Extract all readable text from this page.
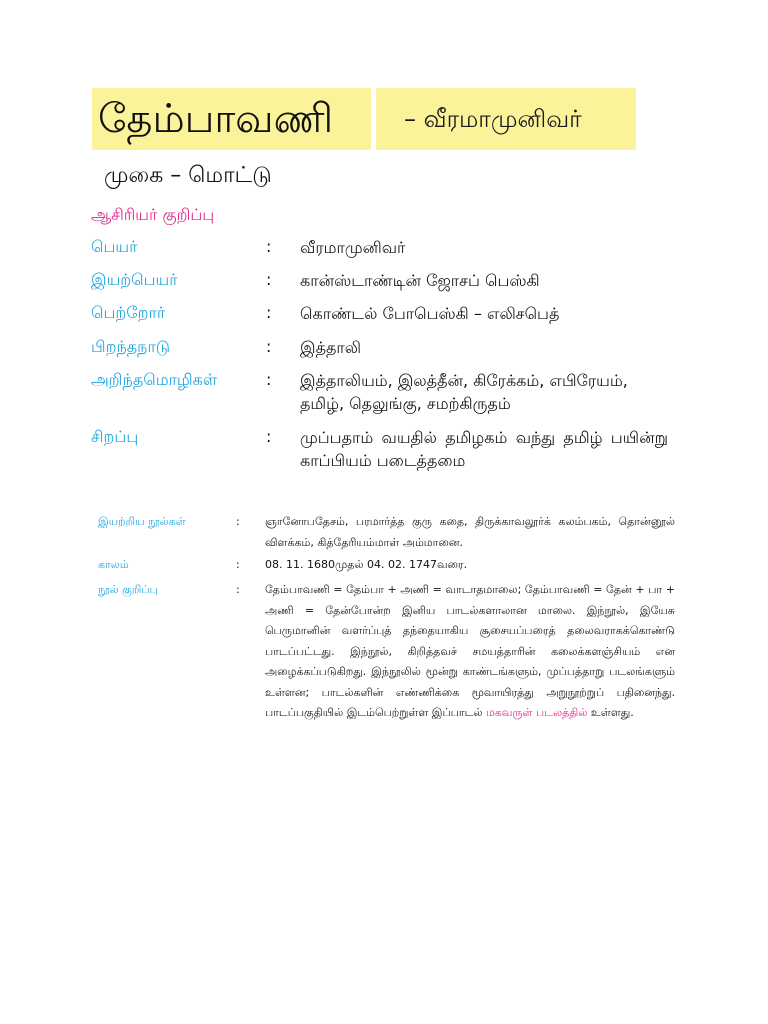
தேம்பாவணி	– வீரமாமுனிவர்
முகை – மொட்டு
ஆசிரியர் குறிப்பு
பெயர்	: வீரமாமுனிவர்
இயற்பெயர்	: கான்ஸ்டாண்டின் ஜோசப் பெஸ்கி
பெற்றோர்	: கொண்டல் போபெஸ்கி – எலிசபெத்
பிறந்தநாடு	: இத்தாலி
அறிந்தமொழிகள்	: இத்தாலியம், இலத்தீன், கிரேக்கம், எபிரேயம், தமிழ், தெலுங்கு, சமற்கிருதம்
சிறப்பு	: முப்பதாம் வயதில் தமிழகம் வந்து தமிழ் பயின்று காப்பியம் படைத்தமை
இயற்றிய நூல்கள்	: ஞானோபதேசம், பரமார்த்த குரு கதை, திருக்காவலூர்க் கலம்பகம், தொன்னூல் விளக்கம், கித்தேரியம்மாள் அம்மானை.
காலம்	: 08. 11. 1680முதல் 04. 02. 1747வரை.
நூல் குறிப்பு	: தேம்பாவணி = தேம்பா + அணி = வாடாதமாலை; தேம்பாவணி = தேன் + பா + அணி = தேன்போன்ற இனிய பாடல்களாலான மாலை. இந்நூல், இயேசு பெருமானின் வளர்ப்புத் தந்தையாகிய சூசையப்பரைத் தலைவராகக்கொண்டு பாடப்பட்டது. இந்நூல், கிறித்தவச் சமயத்தாரின் கலைக்களஞ்சியம் என அழைக்கப்படுகிறது. இந்நூலில் மூன்று காண்டங்களும், முப்பத்தாறு படலங்களும் உள்ளன; பாடல்களின் எண்ணிக்கை மூவாயிரத்து அறுநூற்றுப் பதினைந்து. பாடப்பகுதியில் இடம்பெற்றுள்ள இப்பாடல் மகவருள் படலத்தில் உள்ளது.
